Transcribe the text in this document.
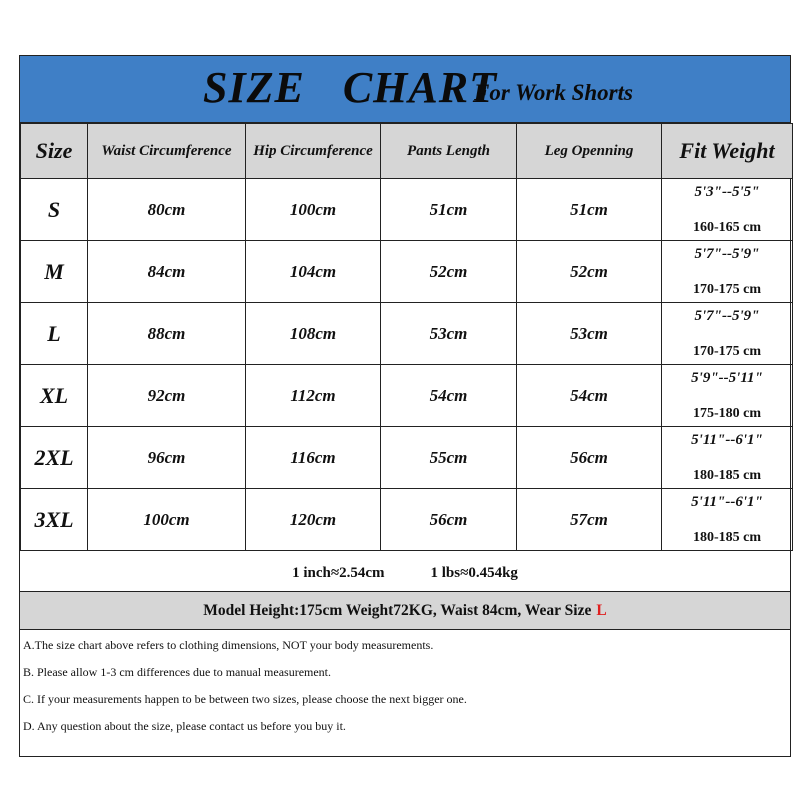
SIZE CHART
For Work Shorts
Size	Waist Circumference	Hip Circumference	Pants Length	Leg Openning	Fit Weight
S	80cm	100cm	51cm	51cm	5'3"--5'5"
160-165 cm

M	84cm	104cm	52cm	52cm	5'7"--5'9"
170-175 cm

L	88cm	108cm	53cm	53cm	5'7"--5'9"
170-175 cm

XL	92cm	112cm	54cm	54cm	5'9"--5'11"
175-180 cm

2XL	96cm	116cm	55cm	56cm	5'11"--6'1"
180-185 cm

3XL	100cm	120cm	56cm	57cm	5'11"--6'1"
180-185 cm
1 inch≈2.54cm	1 lbs≈0.454kg
Model Height:175cm Weight72KG, Waist 84cm, Wear Size L
A.The size chart above refers to clothing dimensions, NOT your body measurements.
B. Please allow 1-3 cm differences due to manual measurement.
C. If your measurements happen to be between two sizes, please choose the next bigger one.
D. Any question about the size, please contact us before you buy it.
